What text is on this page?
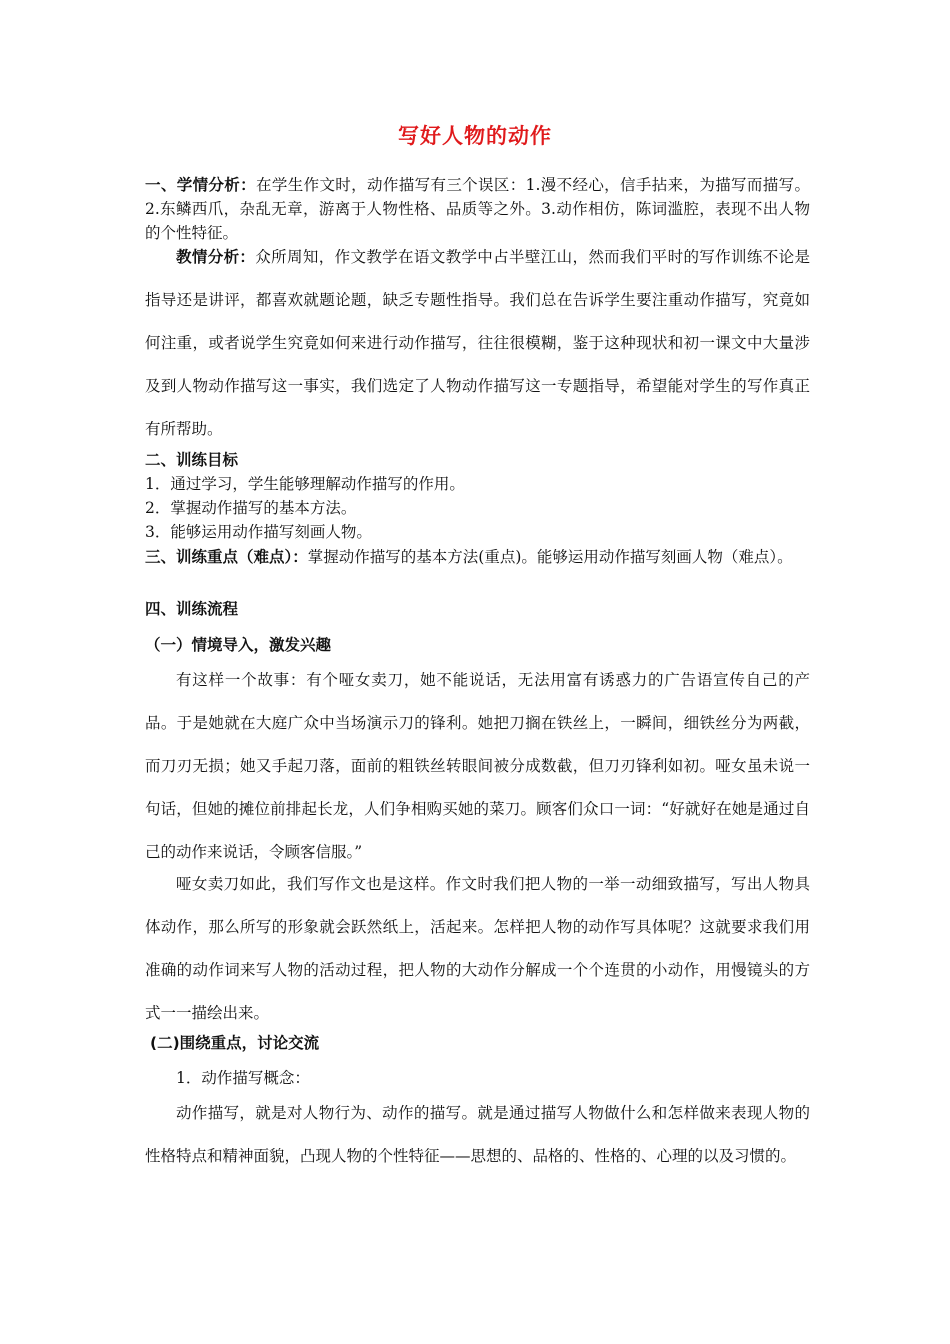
写好人物的动作
一、学情分析：在学生作文时，动作描写有三个误区：1.漫不经心，信手拈来，为描写而描写。2.东鳞西爪，杂乱无章，游离于人物性格、品质等之外。3.动作相仿，陈词滥腔，表现不出人物的个性特征。
教情分析：众所周知，作文教学在语文教学中占半壁江山，然而我们平时的写作训练不论是指导还是讲评，都喜欢就题论题，缺乏专题性指导。我们总在告诉学生要注重动作描写，究竟如何注重，或者说学生究竟如何来进行动作描写，往往很模糊，鉴于这种现状和初一课文中大量涉及到人物动作描写这一事实，我们选定了人物动作描写这一专题指导，希望能对学生的写作真正有所帮助。
二、训练目标
1．通过学习，学生能够理解动作描写的作用。
2．掌握动作描写的基本方法。
3．能够运用动作描写刻画人物。
三、训练重点（难点）：掌握动作描写的基本方法(重点)。能够运用动作描写刻画人物（难点）。
四、训练流程
（一）情境导入，激发兴趣
有这样一个故事：有个哑女卖刀，她不能说话，无法用富有诱惑力的广告语宣传自己的产品。于是她就在大庭广众中当场演示刀的锋利。她把刀搁在铁丝上，一瞬间，细铁丝分为两截，而刀刃无损；她又手起刀落，面前的粗铁丝转眼间被分成数截，但刀刃锋利如初。哑女虽未说一句话，但她的摊位前排起长龙，人们争相购买她的菜刀。顾客们众口一词：“好就好在她是通过自己的动作来说话，令顾客信服。”
哑女卖刀如此，我们写作文也是这样。作文时我们把人物的一举一动细致描写，写出人物具体动作，那么所写的形象就会跃然纸上，活起来。怎样把人物的动作写具体呢？这就要求我们用准确的动作词来写人物的活动过程，把人物的大动作分解成一个个连贯的小动作，用慢镜头的方式一一描绘出来。
(二)围绕重点，讨论交流
1．动作描写概念：
动作描写，就是对人物行为、动作的描写。就是通过描写人物做什么和怎样做来表现人物的性格特点和精神面貌，凸现人物的个性特征——思想的、品格的、性格的、心理的以及习惯的。
